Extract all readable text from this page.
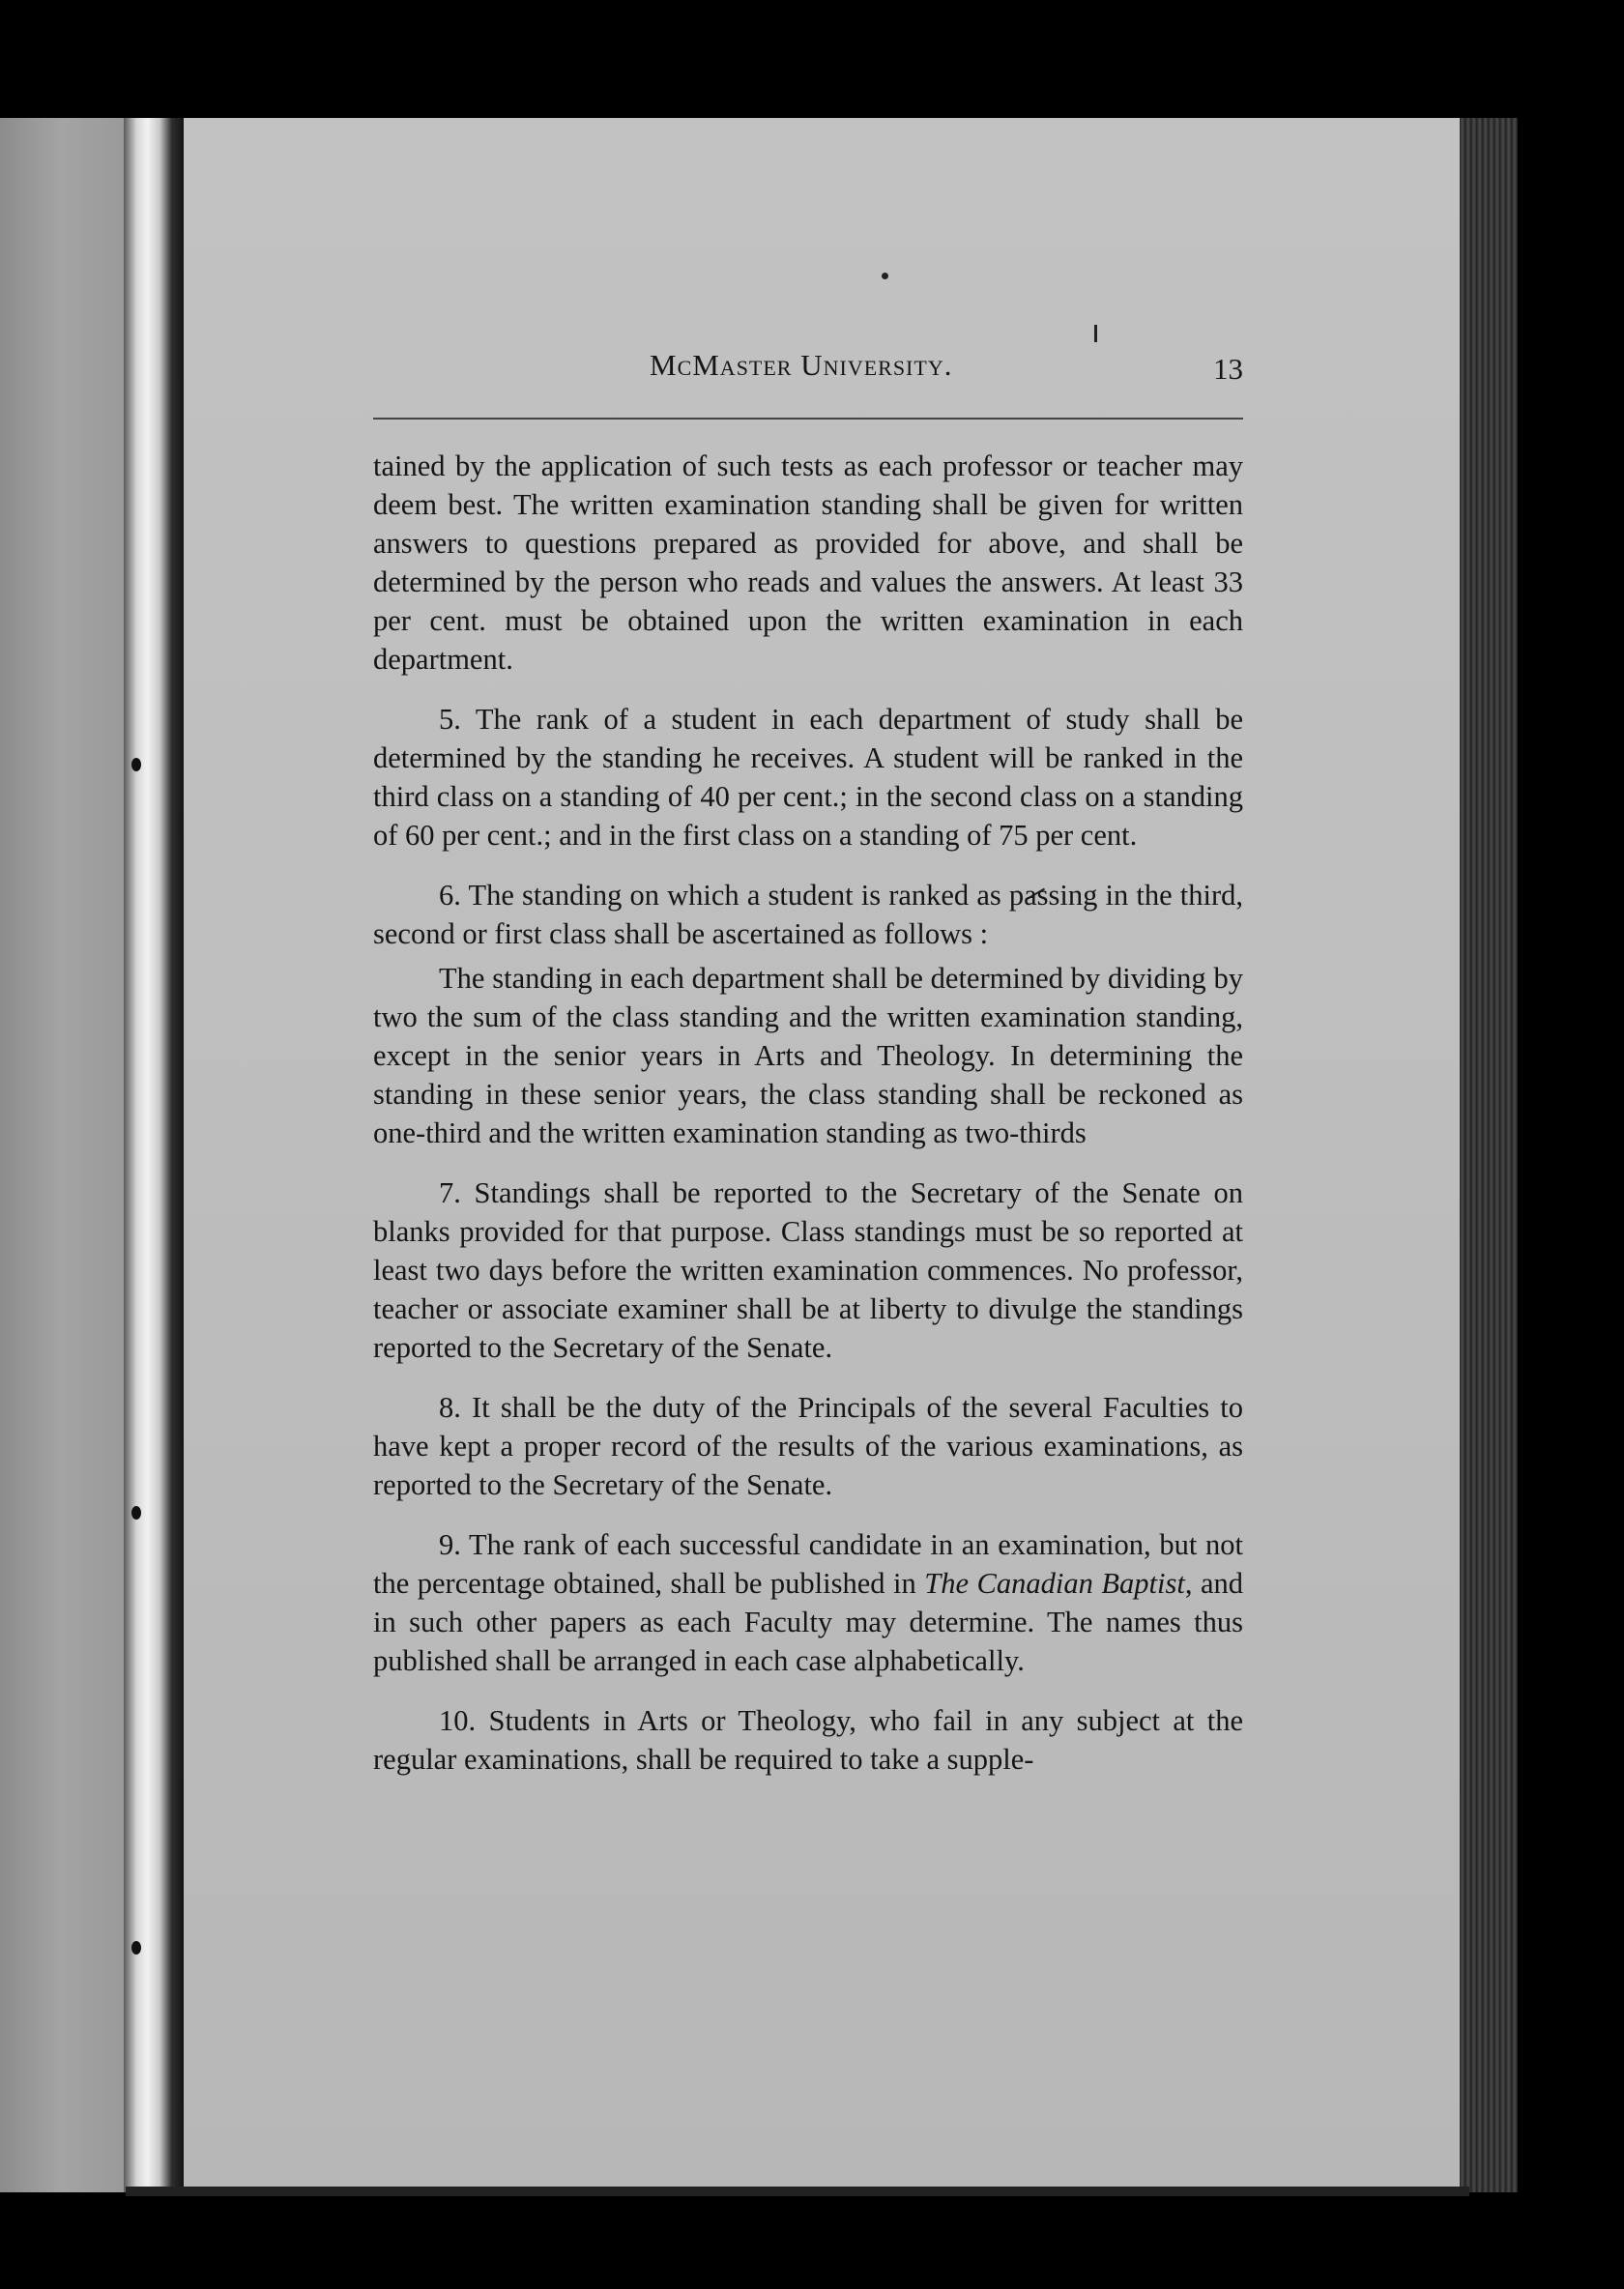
McMaster University.	13

tained by the application of such tests as each professor or teacher may deem best. The written examination standing shall be given for written answers to questions prepared as provided for above, and shall be determined by the person who reads and values the answers. At least 33 per cent. must be obtained upon the written examination in each department.

5. The rank of a student in each department of study shall be determined by the standing he receives. A student will be ranked in the third class on a standing of 40 per cent.; in the second class on a standing of 60 per cent.; and in the first class on a standing of 75 per cent.

6. The standing on which a student is ranked as passing in the third, second or first class shall be ascertained as follows :

The standing in each department shall be determined by dividing by two the sum of the class standing and the written examination standing, except in the senior years in Arts and Theology. In determining the standing in these senior years, the class standing shall be reckoned as one-third and the written examination standing as two-thirds

7. Standings shall be reported to the Secretary of the Senate on blanks provided for that purpose. Class standings must be so reported at least two days before the written examination commences. No professor, teacher or associate examiner shall be at liberty to divulge the standings reported to the Secretary of the Senate.

8. It shall be the duty of the Principals of the several Faculties to have kept a proper record of the results of the various examinations, as reported to the Secretary of the Senate.

9. The rank of each successful candidate in an examination, but not the percentage obtained, shall be published in The Canadian Baptist, and in such other papers as each Faculty may determine. The names thus published shall be arranged in each case alphabetically.

10. Students in Arts or Theology, who fail in any subject at the regular examinations, shall be required to take a supple-
